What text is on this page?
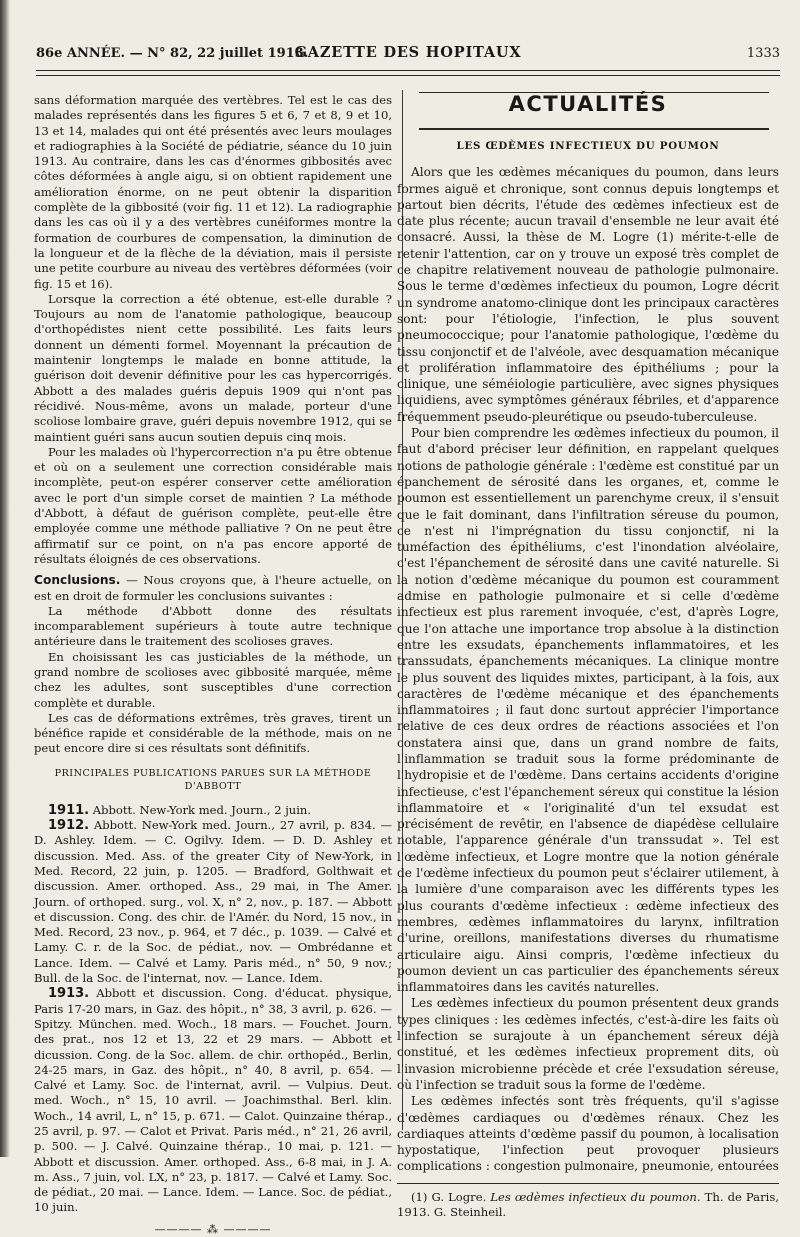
86e ANNÉE. — N° 82, 22 juillet 1913.
GAZETTE DES HOPITAUX	1333

sans déformation marquée des vertèbres. Tel est le cas des malades représentés dans les figures 5 et 6, 7 et 8, 9 et 10, 13 et 14, malades qui ont été présentés avec leurs moulages et radiographies à la Société de pédiatrie, séance du 10 juin 1913. Au contraire, dans les cas d'énormes gibbosités avec côtes déformées à angle aigu, si on obtient rapidement une amélioration énorme, on ne peut obtenir la disparition complète de la gibbosité (voir fig. 11 et 12). La radiographie dans les cas où il y a des vertèbres cunéiformes montre la formation de courbures de compensation, la diminution de la longueur et de la flèche de la déviation, mais il persiste une petite courbure au niveau des vertèbres déformées (voir fig. 15 et 16).

Lorsque la correction a été obtenue, est-elle durable ? Toujours au nom de l'anatomie pathologique, beaucoup d'orthopédistes nient cette possibilité. Les faits leurs donnent un démenti formel. Moyennant la précaution de maintenir longtemps le malade en bonne attitude, la guérison doit devenir définitive pour les cas hypercorrigés. Abbott a des malades guéris depuis 1909 qui n'ont pas récidivé. Nous-même, avons un malade, porteur d'une scoliose lombaire grave, guéri depuis novembre 1912, qui se maintient guéri sans aucun soutien depuis cinq mois.

Pour les malades où l'hypercorrection n'a pu être obtenue et où on a seulement une correction considérable mais incomplète, peut-on espérer conserver cette amélioration avec le port d'un simple corset de maintien ? La méthode d'Abbott, à défaut de guérison complète, peut-elle être employée comme une méthode palliative ? On ne peut être affirmatif sur ce point, on n'a pas encore apporté de résultats éloignés de ces observations.

Conclusions. — Nous croyons que, à l'heure actuelle, on est en droit de formuler les conclusions suivantes :

La méthode d'Abbott donne des résultats incomparablement supérieurs à toute autre technique antérieure dans le traitement des scolioses graves.

En choisissant les cas justiciables de la méthode, un grand nombre de scolioses avec gibbosité marquée, même chez les adultes, sont susceptibles d'une correction complète et durable.

Les cas de déformations extrêmes, très graves, tirent un bénéfice rapide et considérable de la méthode, mais on ne peut encore dire si ces résultats sont définitifs.

PRINCIPALES PUBLICATIONS PARUES SUR LA MÉTHODE D'ABBOTT

1911. Abbott. New-York med. Journ., 2 juin.

1912. Abbott. New-York med. Journ., 27 avril, p. 834. — D. Ashley. Idem. — C. Ogilvy. Idem. — D. D. Ashley et discussion. Med. Ass. of the greater City of New-York, in Med. Record, 22 juin, p. 1205. — Bradford, Golthwait et discussion. Amer. orthoped. Ass., 29 mai, in The Amer. Journ. of orthoped. surg., vol. X, n° 2, nov., p. 187. — Abbott et discussion. Cong. des chir. de l'Amér. du Nord, 15 nov., in Med. Record, 23 nov., p. 964, et 7 déc., p. 1039. — Calvé et Lamy. C. r. de la Soc. de pédiat., nov. — Ombrédanne et Lance. Idem. — Calvé et Lamy. Paris méd., n° 50, 9 nov.; Bull. de la Soc. de l'internat, nov. — Lance. Idem.

1913. Abbott et discussion. Cong. d'éducat. physique, Paris 17-20 mars, in Gaz. des hôpit., n° 38, 3 avril, p. 626. — Spitzy. München. med. Woch., 18 mars. — Fouchet. Journ. des prat., nos 12 et 13, 22 et 29 mars. — Abbott et dicussion. Cong. de la Soc. allem. de chir. orthopéd., Berlin, 24-25 mars, in Gaz. des hôpit., n° 40, 8 avril, p. 654. — Calvé et Lamy. Soc. de l'internat, avril. — Vulpius. Deut. med. Woch., n° 15, 10 avril. — Joachimsthal. Berl. klin. Woch., 14 avril, L, n° 15, p. 671. — Calot. Quinzaine thérap., 25 avril, p. 97. — Calot et Privat. Paris méd., n° 21, 26 avril, p. 500. — J. Calvé. Quinzaine thérap., 10 mai, p. 121. — Abbott et discussion. Amer. orthoped. Ass., 6-8 mai, in J. A. m. Ass., 7 juin, vol. LX, n° 23, p. 1817. — Calvé et Lamy. Soc. de pédiat., 20 mai. — Lance. Idem. — Lance. Soc. de pédiat., 10 juin.

———— ⁂ ————
ACTUALITÉS
LES ŒDÈMES INFECTIEUX DU POUMON

Alors que les œdèmes mécaniques du poumon, dans leurs formes aiguë et chronique, sont connus depuis longtemps et partout bien décrits, l'étude des œdèmes infectieux est de date plus récente; aucun travail d'ensemble ne leur avait été consacré. Aussi, la thèse de M. Logre (1) mérite-t-elle de retenir l'attention, car on y trouve un exposé très complet de ce chapitre relativement nouveau de pathologie pulmonaire. Sous le terme d'œdèmes infectieux du poumon, Logre décrit un syndrome anatomo-clinique dont les principaux caractères sont: pour l'étiologie, l'infection, le plus souvent pneumococcique; pour l'anatomie pathologique, l'œdème du tissu conjonctif et de l'alvéole, avec desquamation mécanique et prolifération inflammatoire des épithéliums ; pour la clinique, une séméiologie particulière, avec signes physiques liquidiens, avec symptômes généraux fébriles, et d'apparence fréquemment pseudo-pleurétique ou pseudo-tuberculeuse.

Pour bien comprendre les œdèmes infectieux du poumon, il faut d'abord préciser leur définition, en rappelant quelques notions de pathologie générale : l'œdème est constitué par un épanchement de sérosité dans les organes, et, comme le poumon est essentiellement un parenchyme creux, il s'ensuit que le fait dominant, dans l'infiltration séreuse du poumon, ce n'est ni l'imprégnation du tissu conjonctif, ni la tuméfaction des épithéliums, c'est l'inondation alvéolaire, c'est l'épanchement de sérosité dans une cavité naturelle. Si la notion d'œdème mécanique du poumon est couramment admise en pathologie pulmonaire et si celle d'œdème infectieux est plus rarement invoquée, c'est, d'après Logre, que l'on attache une importance trop absolue à la distinction entre les exsudats, épanchements inflammatoires, et les transsudats, épanchements mécaniques. La clinique montre le plus souvent des liquides mixtes, participant, à la fois, aux caractères de l'œdème mécanique et des épanchements inflammatoires ; il faut donc surtout apprécier l'importance relative de ces deux ordres de réactions associées et l'on constatera ainsi que, dans un grand nombre de faits, l'inflammation se traduit sous la forme prédominante de l'hydropisie et de l'œdème. Dans certains accidents d'origine infectieuse, c'est l'épanchement séreux qui constitue la lésion inflammatoire et « l'originalité d'un tel exsudat est précisément de revêtir, en l'absence de diapédèse cellulaire notable, l'apparence générale d'un transsudat ». Tel est l'œdème infectieux, et Logre montre que la notion générale de l'œdème infectieux du poumon peut s'éclairer utilement, à la lumière d'une comparaison avec les différents types les plus courants d'œdème infectieux : œdème infectieux des membres, œdèmes inflammatoires du larynx, infiltration d'urine, oreillons, manifestations diverses du rhumatisme articulaire aigu. Ainsi compris, l'œdème infectieux du poumon devient un cas particulier des épanchements séreux inflammatoires dans les cavités naturelles.

Les œdèmes infectieux du poumon présentent deux grands types cliniques : les œdèmes infectés, c'est-à-dire les faits où l'infection se surajoute à un épanchement séreux déjà constitué, et les œdèmes infectieux proprement dits, où l'invasion microbienne précède et crée l'exsudation séreuse, où l'infection se traduit sous la forme de l'œdème.

Les œdèmes infectés sont très fréquents, qu'il s'agisse d'œdèmes cardiaques ou d'œdèmes rénaux. Chez les cardiaques atteints d'œdème passif du poumon, à localisation hypostatique, l'infection peut provoquer plusieurs complications : congestion pulmonaire, pneumonie, entourées

(1) G. Logre. Les œdèmes infectieux du poumon. Th. de Paris, 1913. G. Steinheil.
